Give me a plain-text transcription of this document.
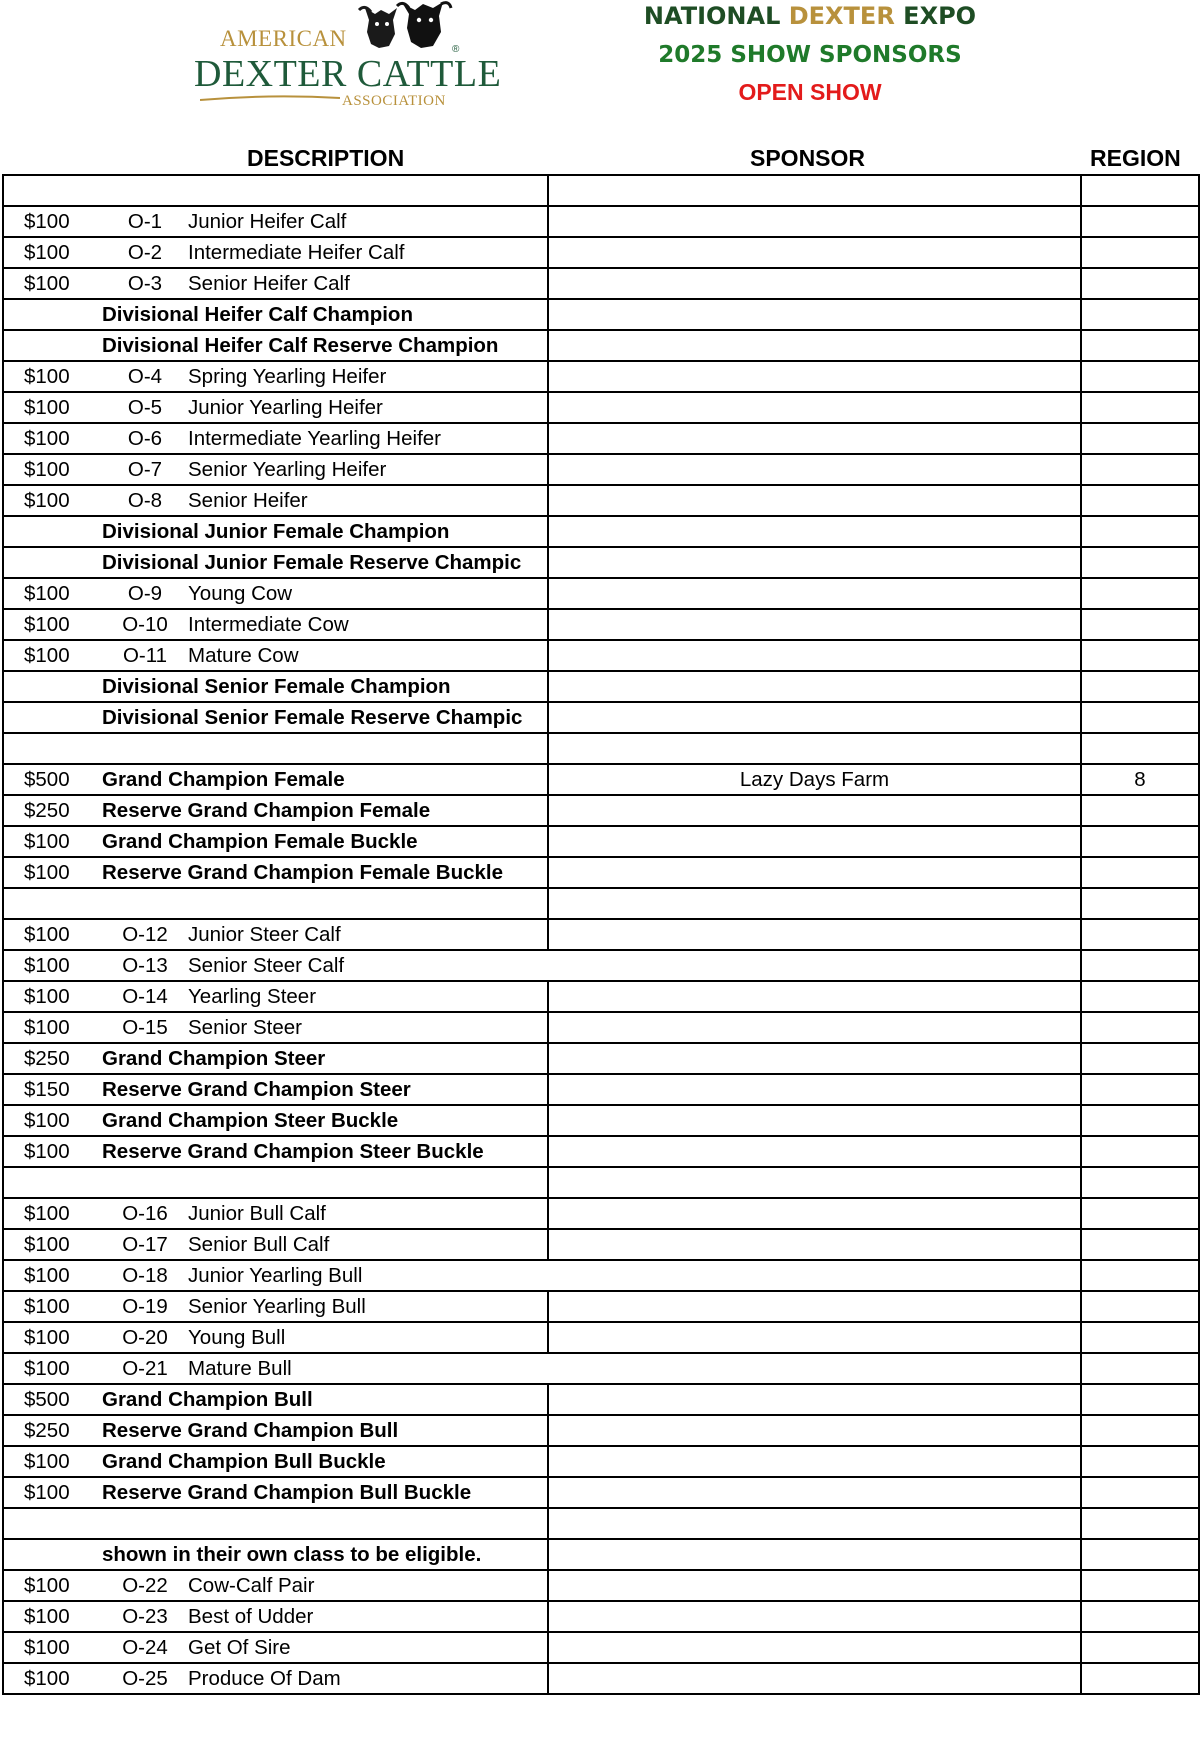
®
AMERICAN
DEXTER CATTLE
ASSOCIATION
NATIONAL DEXTER EXPO
2025 SHOW SPONSORS
OPEN SHOW
DESCRIPTION	SPONSOR	REGION

$100 O-1 Junior Heifer Calf		
$100 O-2 Intermediate Heifer Calf		
$100 O-3 Senior Heifer Calf		
Divisional Heifer Calf Champion		
Divisional Heifer Calf Reserve Champion		
$100 O-4 Spring Yearling Heifer		
$100 O-5 Junior Yearling Heifer		
$100 O-6 Intermediate Yearling Heifer		
$100 O-7 Senior Yearling Heifer		
$100 O-8 Senior Heifer		
Divisional Junior Female Champion		
Divisional Junior Female Reserve Champic		
$100 O-9 Young Cow		
$100 O-10 Intermediate Cow		
$100 O-11 Mature Cow		
Divisional Senior Female Champion		
Divisional Senior Female Reserve Champic		

$500 Grand Champion Female	Lazy Days Farm	8
$250 Reserve Grand Champion Female		
$100 Grand Champion Female Buckle		
$100 Reserve Grand Champion Female Buckle		

$100 O-12 Junior Steer Calf		
$100 O-13 Senior Steer Calf		
$100 O-14 Yearling Steer		
$100 O-15 Senior Steer		
$250 Grand Champion Steer		
$150 Reserve Grand Champion Steer		
$100 Grand Champion Steer Buckle		
$100 Reserve Grand Champion Steer Buckle		

$100 O-16 Junior Bull Calf		
$100 O-17 Senior Bull Calf		
$100 O-18 Junior Yearling Bull		
$100 O-19 Senior Yearling Bull		
$100 O-20 Young Bull		
$100 O-21 Mature Bull		
$500 Grand Champion Bull		
$250 Reserve Grand Champion Bull		
$100 Grand Champion Bull Buckle		
$100 Reserve Grand Champion Bull Buckle		

shown in their own class to be eligible.		
$100 O-22 Cow-Calf Pair		
$100 O-23 Best of Udder		
$100 O-24 Get Of Sire		
$100 O-25 Produce Of Dam		
